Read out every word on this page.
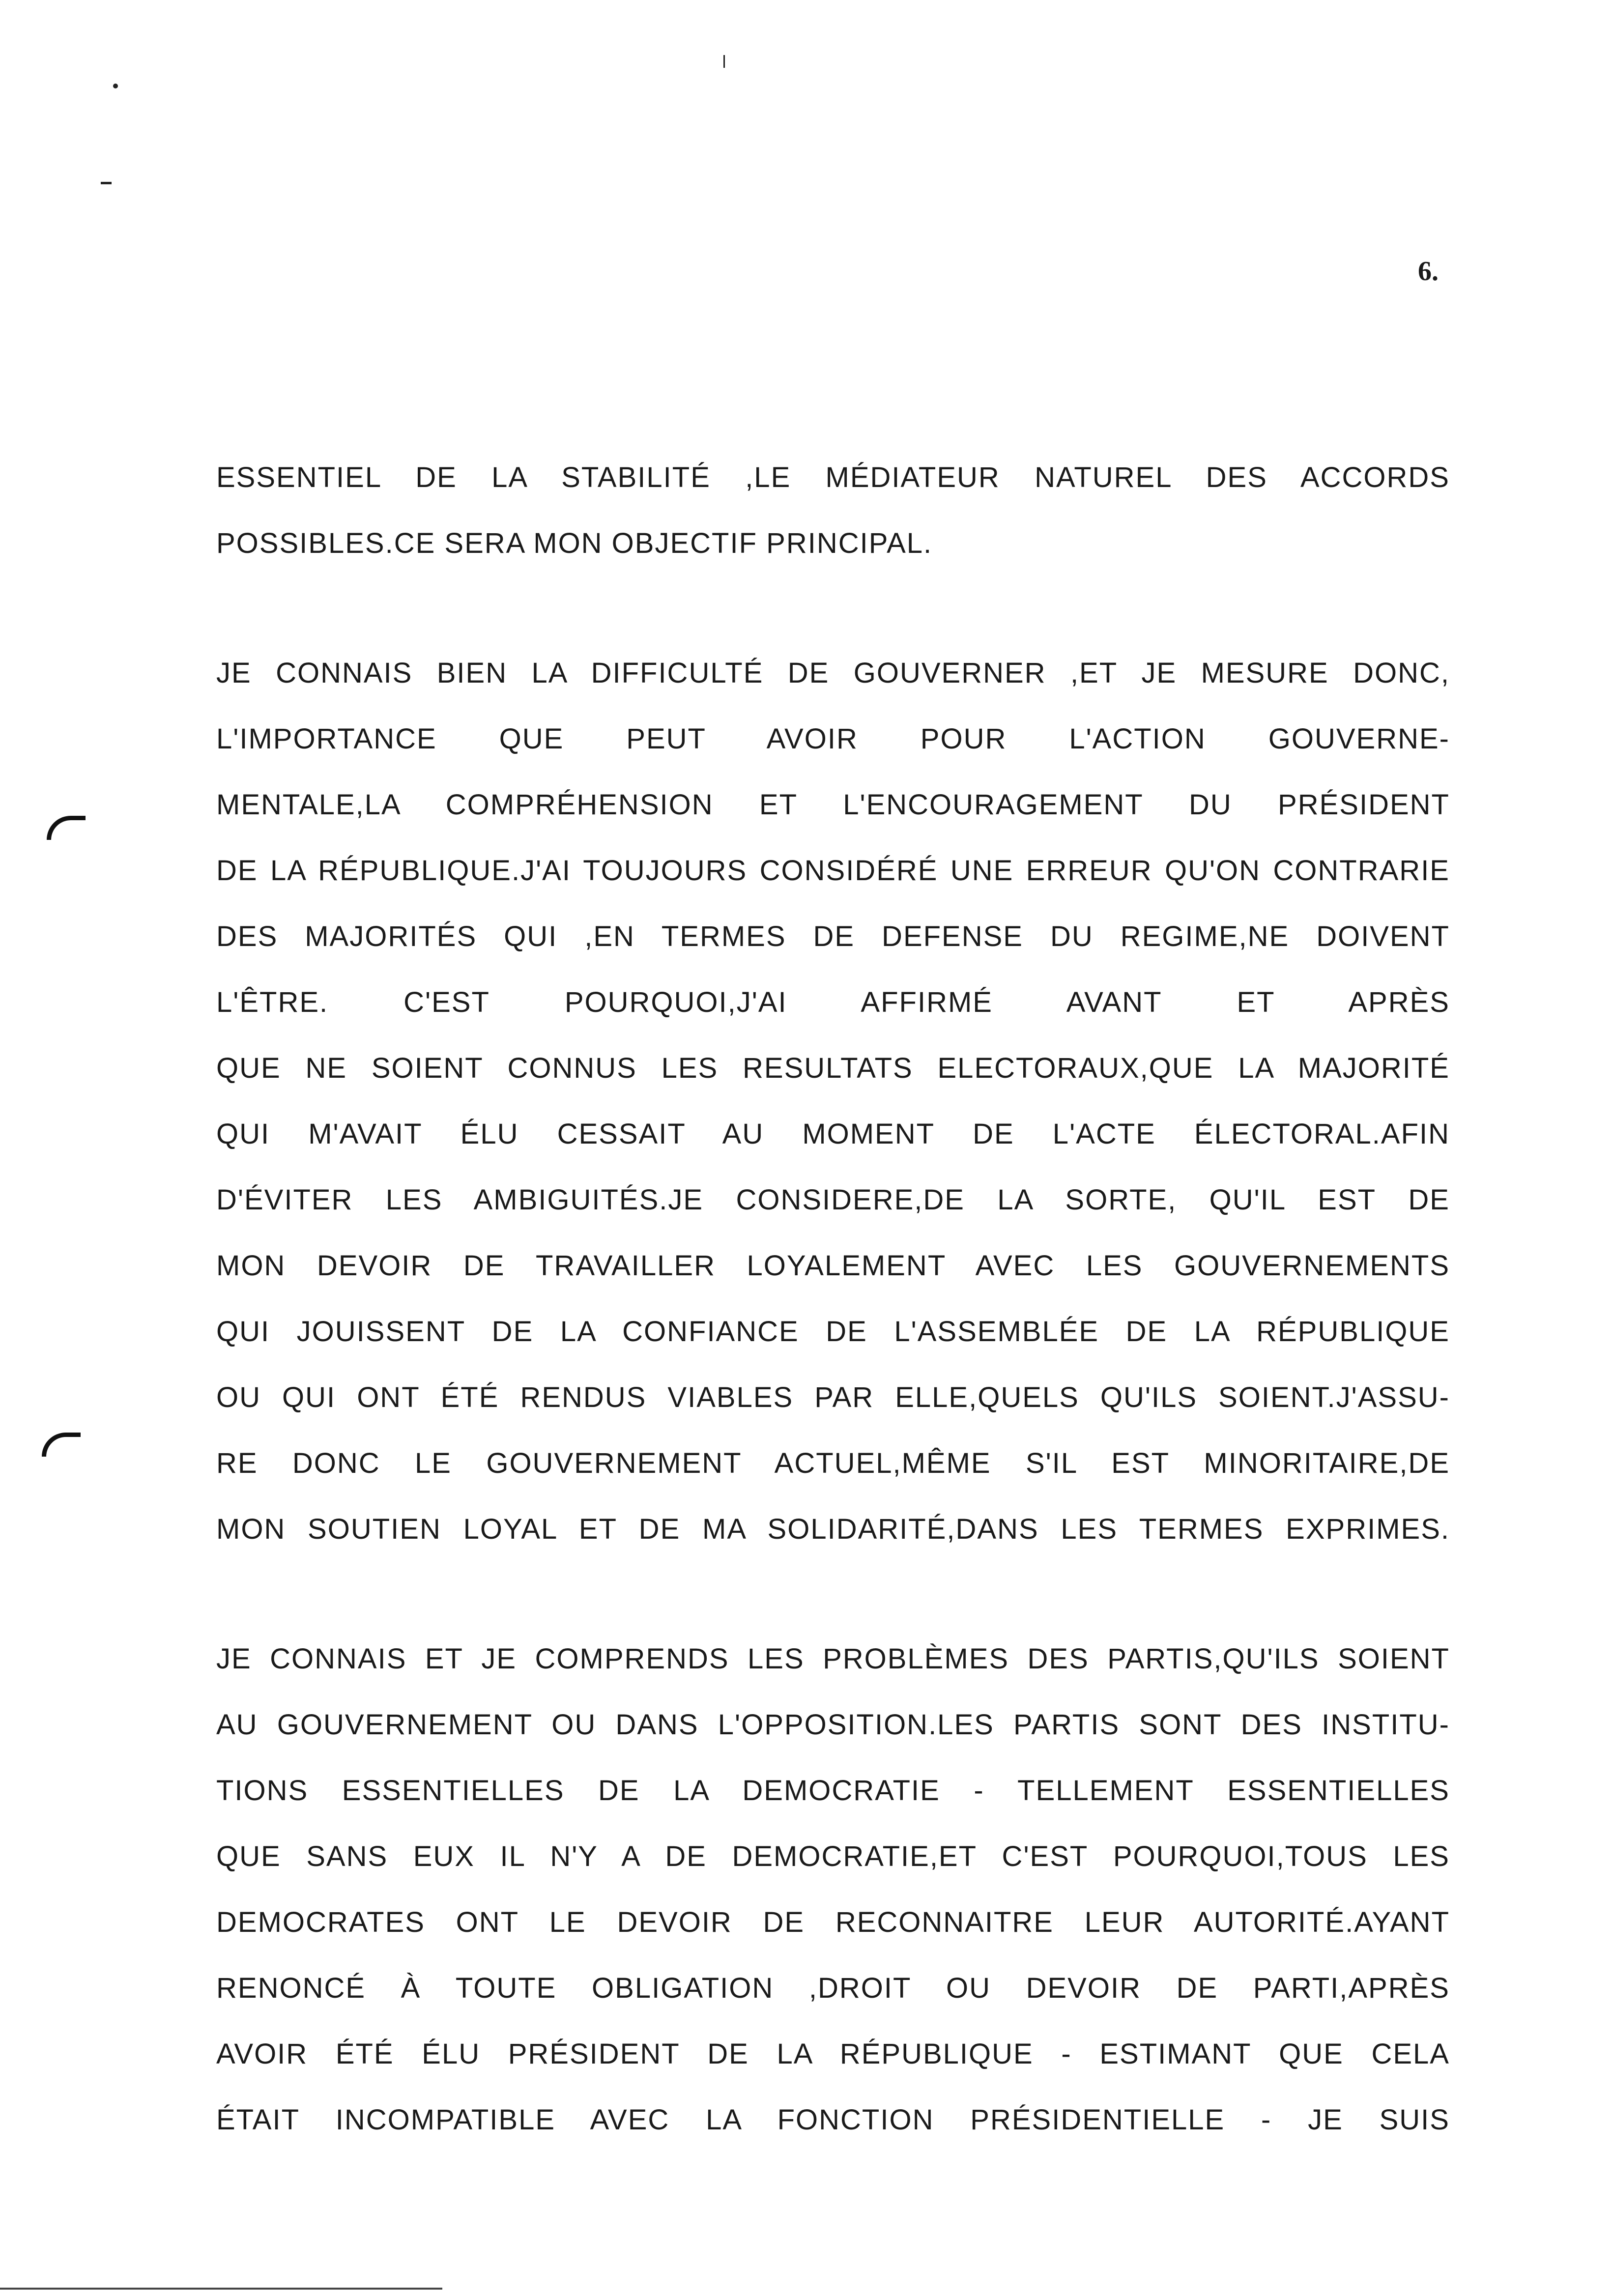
6.
ESSENTIEL DE LA STABILITÉ ,LE MÉDIATEUR NATUREL DES ACCORDS
POSSIBLES.CE SERA MON OBJECTIF PRINCIPAL.
JE CONNAIS BIEN LA DIFFICULTÉ DE GOUVERNER ,ET JE MESURE DONC,
L'IMPORTANCE QUE PEUT AVOIR POUR L'ACTION GOUVERNE-
MENTALE,LA COMPRÉHENSION ET L'ENCOURAGEMENT DU PRÉSIDENT
DE LA RÉPUBLIQUE.J'AI TOUJOURS CONSIDÉRÉ UNE ERREUR QU'ON CONTRARIE
DES MAJORITÉS QUI ,EN TERMES DE DEFENSE DU REGIME,NE DOIVENT
L'ÊTRE. C'EST POURQUOI,J'AI AFFIRMÉ AVANT ET APRÈS
QUE NE SOIENT CONNUS LES RESULTATS ELECTORAUX,QUE LA MAJORITÉ
QUI M'AVAIT ÉLU CESSAIT AU MOMENT DE L'ACTE ÉLECTORAL.AFIN
D'ÉVITER LES AMBIGUITÉS.JE CONSIDERE,DE LA SORTE, QU'IL EST DE
MON DEVOIR DE TRAVAILLER LOYALEMENT AVEC LES GOUVERNEMENTS
QUI JOUISSENT DE LA CONFIANCE DE L'ASSEMBLÉE DE LA RÉPUBLIQUE
OU QUI ONT ÉTÉ RENDUS VIABLES PAR ELLE,QUELS QU'ILS SOIENT.J'ASSU-
RE DONC LE GOUVERNEMENT ACTUEL,MÊME S'IL EST MINORITAIRE,DE
MON SOUTIEN LOYAL ET DE MA SOLIDARITÉ,DANS LES TERMES EXPRIMES.
JE CONNAIS ET JE COMPRENDS LES PROBLÈMES DES PARTIS,QU'ILS SOIENT
AU GOUVERNEMENT OU DANS L'OPPOSITION.LES PARTIS SONT DES INSTITU-
TIONS ESSENTIELLES DE LA DEMOCRATIE - TELLEMENT ESSENTIELLES
QUE SANS EUX IL N'Y A DE DEMOCRATIE,ET C'EST POURQUOI,TOUS LES
DEMOCRATES ONT LE DEVOIR DE RECONNAITRE LEUR AUTORITÉ.AYANT
RENONCÉ À TOUTE OBLIGATION ,DROIT OU DEVOIR DE PARTI,APRÈS
AVOIR ÉTÉ ÉLU PRÉSIDENT DE LA RÉPUBLIQUE - ESTIMANT QUE CELA
ÉTAIT INCOMPATIBLE AVEC LA FONCTION PRÉSIDENTIELLE - JE SUIS
